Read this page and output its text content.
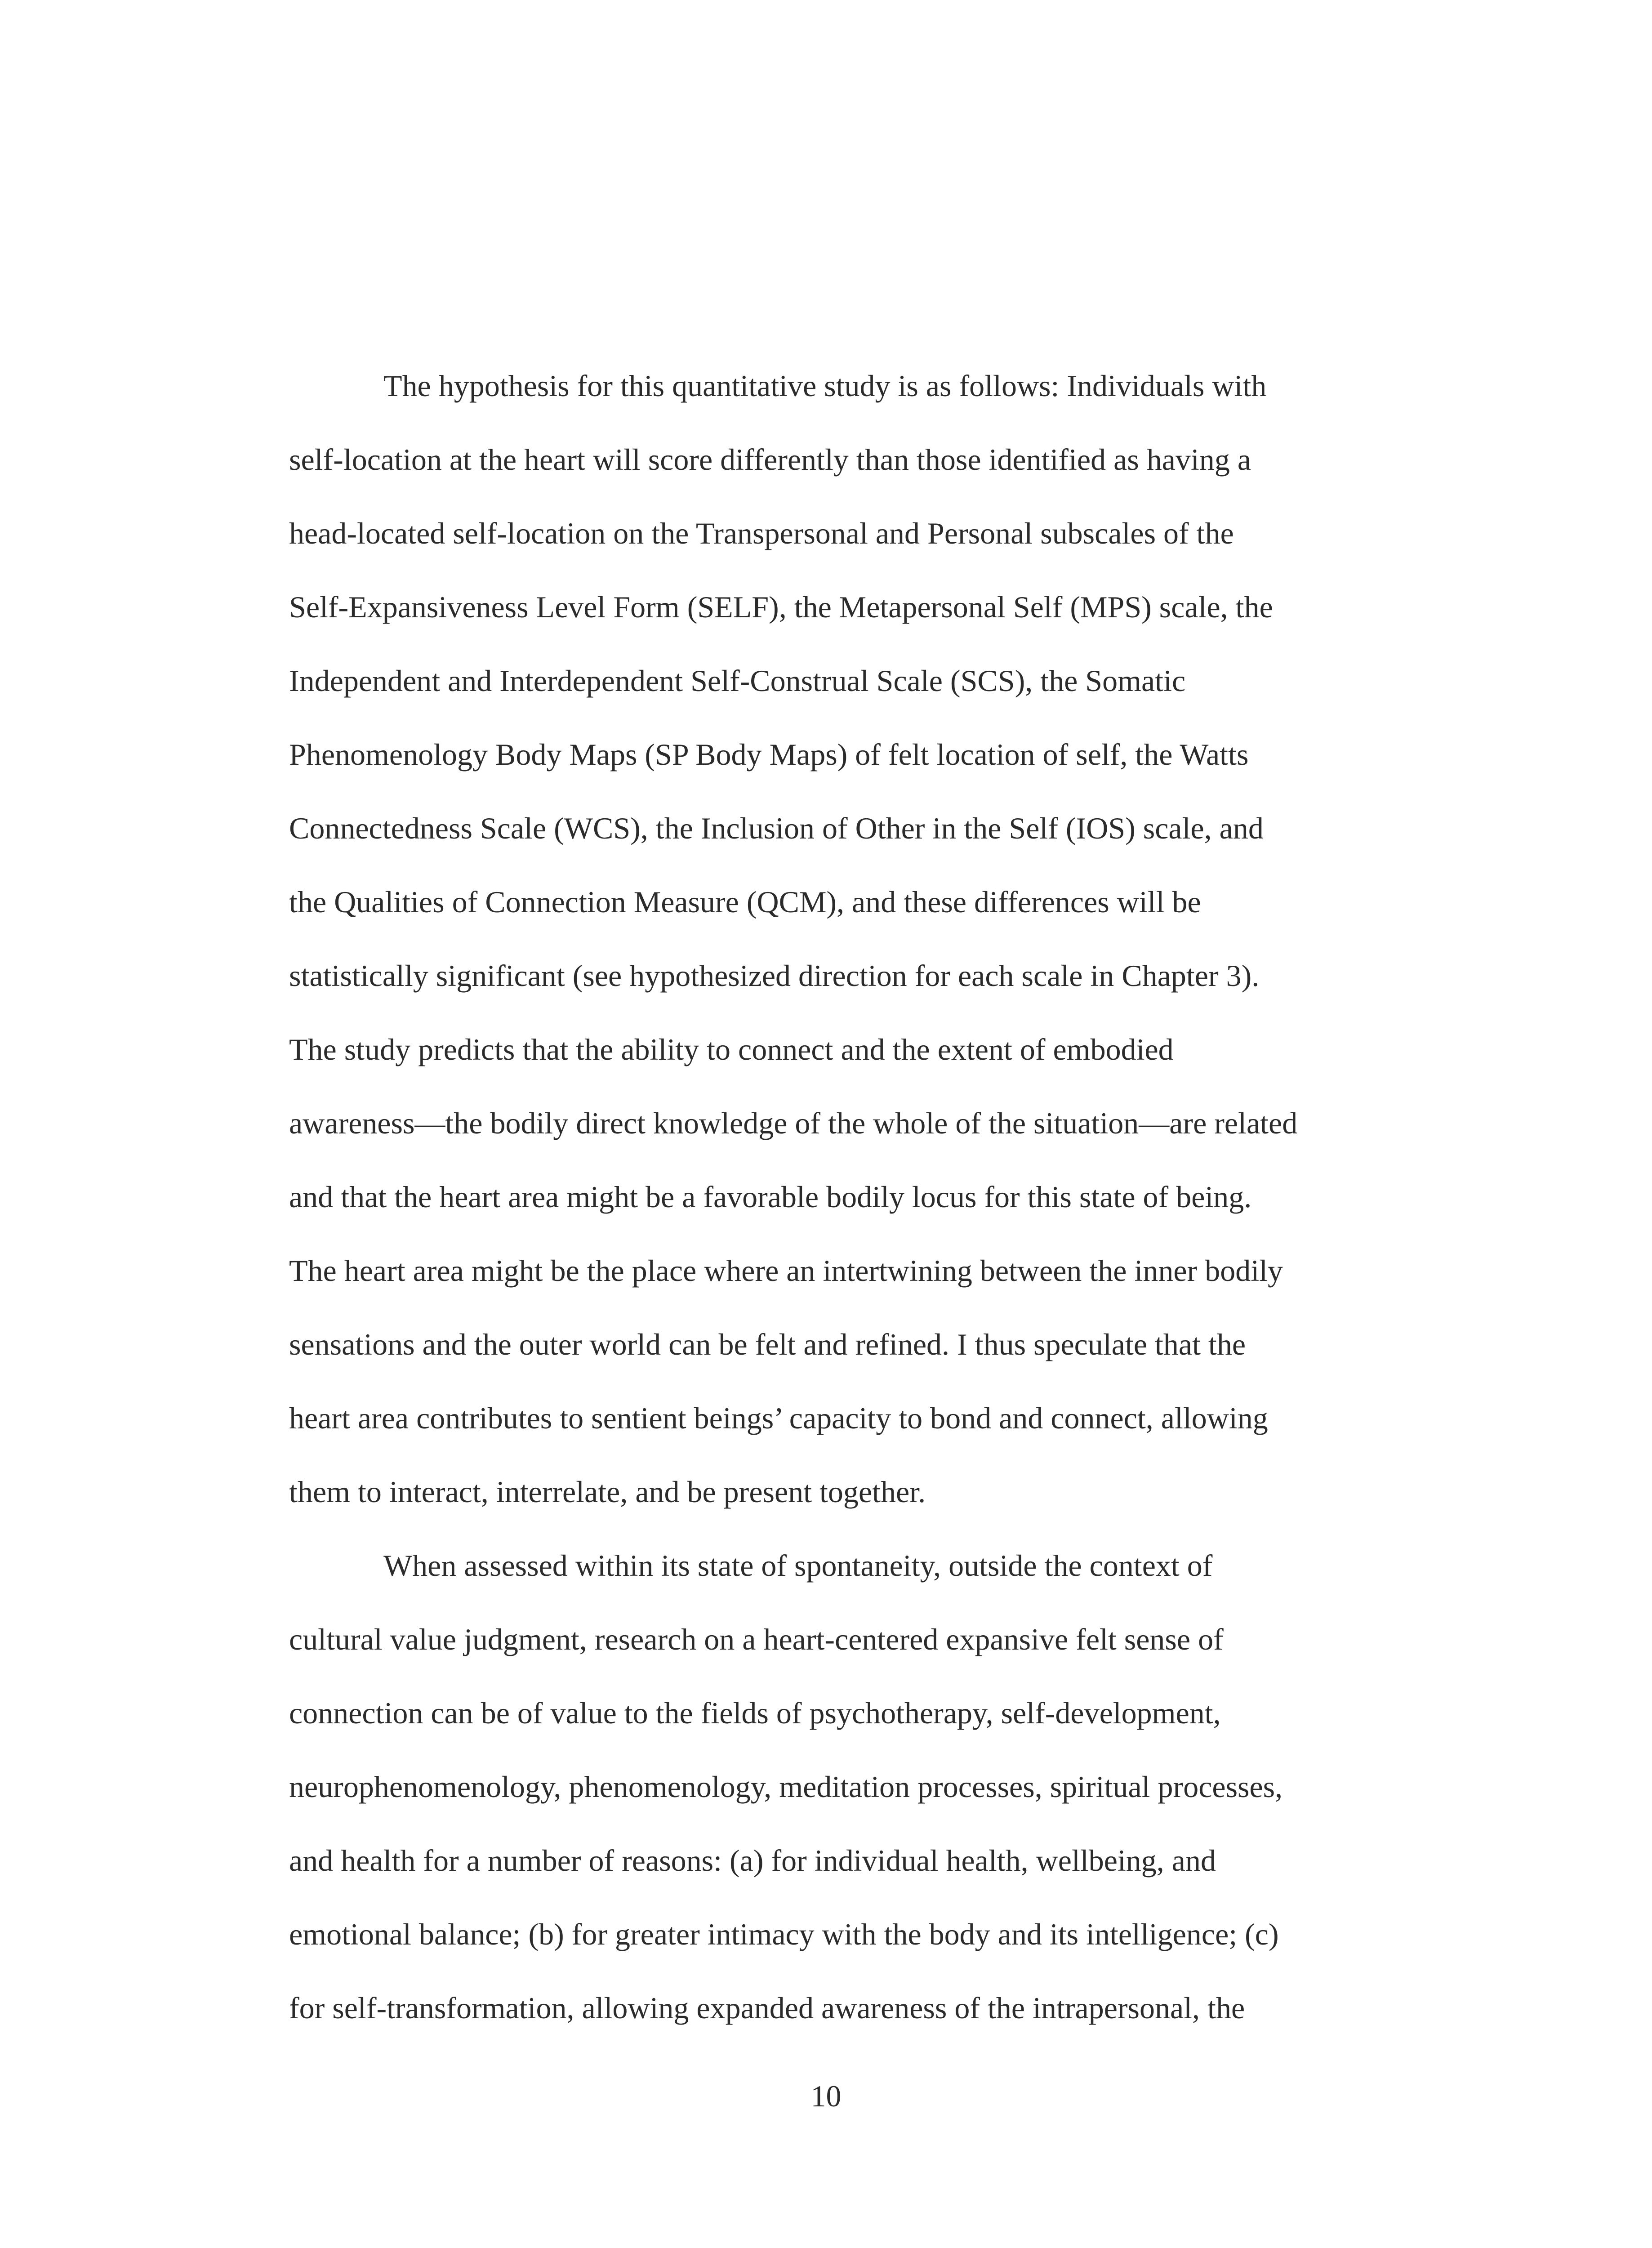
The hypothesis for this quantitative study is as follows: Individuals with
self-location at the heart will score differently than those identified as having a
head-located self-location on the Transpersonal and Personal subscales of the
Self-Expansiveness Level Form (SELF), the Metapersonal Self (MPS) scale, the
Independent and Interdependent Self-Construal Scale (SCS), the Somatic
Phenomenology Body Maps (SP Body Maps) of felt location of self, the Watts
Connectedness Scale (WCS), the Inclusion of Other in the Self (IOS) scale, and
the Qualities of Connection Measure (QCM), and these differences will be
statistically significant (see hypothesized direction for each scale in Chapter 3).
The study predicts that the ability to connect and the extent of embodied
awareness—the bodily direct knowledge of the whole of the situation—are related
and that the heart area might be a favorable bodily locus for this state of being.
The heart area might be the place where an intertwining between the inner bodily
sensations and the outer world can be felt and refined. I thus speculate that the
heart area contributes to sentient beings’ capacity to bond and connect, allowing
them to interact, interrelate, and be present together.
When assessed within its state of spontaneity, outside the context of
cultural value judgment, research on a heart-centered expansive felt sense of
connection can be of value to the fields of psychotherapy, self-development,
neurophenomenology, phenomenology, meditation processes, spiritual processes,
and health for a number of reasons: (a) for individual health, wellbeing, and
emotional balance; (b) for greater intimacy with the body and its intelligence; (c)
for self-transformation, allowing expanded awareness of the intrapersonal, the
10
